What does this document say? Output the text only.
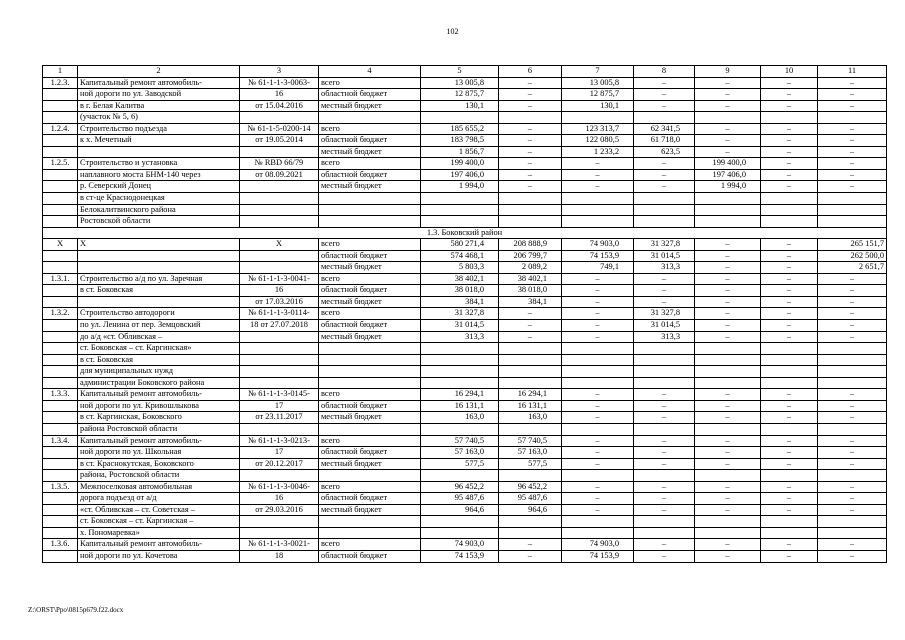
102
1	2	3	4	5	6	7	8	9	10	11
1.2.3.	Капитальный ремонт автомобиль-	№ 61-1-1-3-0063-	всего	13 005,8	–	13 005,8	–	–	–	–
	ной дороги по ул. Заводской	16	областной бюджет	12 875,7	–	12 875,7	–	–	–	–
	в г. Белая Калитва	от 15.04.2016	местный бюджет	130,1	–	130,1	–	–	–	–
	(участок № 5, 6)									
1.2.4.	Строительство подъезда	№ 61-1-5-0200-14	всего	185 655,2	–	123 313,7	62 341,5	–	–	–
	к х. Мечетный	от 19.05.2014	областной бюджет	183 798,5	–	122 080,5	61 718,0	–	–	–
			местный бюджет	1 856,7	–	1 233,2	623,5	–	–	–
1.2.5.	Строительство и установка	№ RBD 66/79	всего	199 400,0	–	–	–	199 400,0	–	–
	наплавного моста БНМ-140 через	от 08.09.2021	областной бюджет	197 406,0	–	–	–	197 406,0	–	–
	р. Северский Донец		местный бюджет	1 994,0	–	–	–	1 994,0	–	–
	в ст-це Краснодонецкая									
	Белокалитвинского района									
	Ростовской области									
1.3. Боковский район										
X	X	X	всего	580 271,4	208 888,9	74 903,0	31 327,8	–	–	265 151,7
			областной бюджет	574 468,1	206 799,7	74 153,9	31 014,5	–	–	262 500,0
			местный бюджет	5 803,3	2 089,2	749,1	313,3	–	–	2 651,7
1.3.1.	Строительство а/д по ул. Заречная	№ 61-1-1-3-0041-	всего	38 402,1	38 402,1	–	–	–	–	–
	в ст. Боковская	16	областной бюджет	38 018,0	38 018,0	–	–	–	–	–
		от 17.03.2016	местный бюджет	384,1	384,1	–	–	–	–	–
1.3.2.	Строительство автодороги	№ 61-1-1-3-0114-	всего	31 327,8	–	–	31 327,8	–	–	–
	по ул. Ленина от пер. Земцовский	18 от 27.07.2018	областной бюджет	31 014,5	–	–	31 014,5	–	–	–
	до а/д «ст. Обливская –		местный бюджет	313,3	–	–	313,3	–	–	–
	ст. Боковская – ст. Каргинская»									
	в ст. Боковская									
	для муниципальных нужд									
	администрации Боковского района									
1.3.3.	Капитальный ремонт автомобиль-	№ 61-1-1-3-0145-	всего	16 294,1	16 294,1	–	–	–	–	–
	ной дороги по ул. Кривошлыкова	17	областной бюджет	16 131,1	16 131,1	–	–	–	–	–
	в ст. Каргинская, Боковского	от 23.11.2017	местный бюджет	163,0	163,0	–	–	–	–	–
	района Ростовской области									
1.3.4.	Капитальный ремонт автомобиль-	№ 61-1-1-3-0213-	всего	57 740,5	57 740,5	–	–	–	–	–
	ной дороги по ул. Школьная	17	областной бюджет	57 163,0	57 163,0	–	–	–	–	–
	в ст. Краснокутская, Боковского	от 20.12.2017	местный бюджет	577,5	577,5	–	–	–	–	–
	района, Ростовской области									
1.3.5.	Межпоселковая автомобильная	№ 61-1-1-3-0046-	всего	96 452,2	96 452,2	–	–	–	–	–
	дорога подъезд от а/д	16	областной бюджет	95 487,6	95 487,6	–	–	–	–	–
	«ст. Обливская – ст. Советская –	от 29.03.2016	местный бюджет	964,6	964,6	–	–	–	–	–
	ст. Боковская – ст. Каргинская –									
	х. Пономаревка»									
1.3.6.	Капитальный ремонт автомобиль-	№ 61-1-1-3-0021-	всего	74 903,0	–	74 903,0	–	–	–	–
	ной дороги по ул. Кочетова	18	областной бюджет	74 153,9	–	74 153,9	–	–	–	–
Z:\ORST\Ppo\0815p679.f22.docx
